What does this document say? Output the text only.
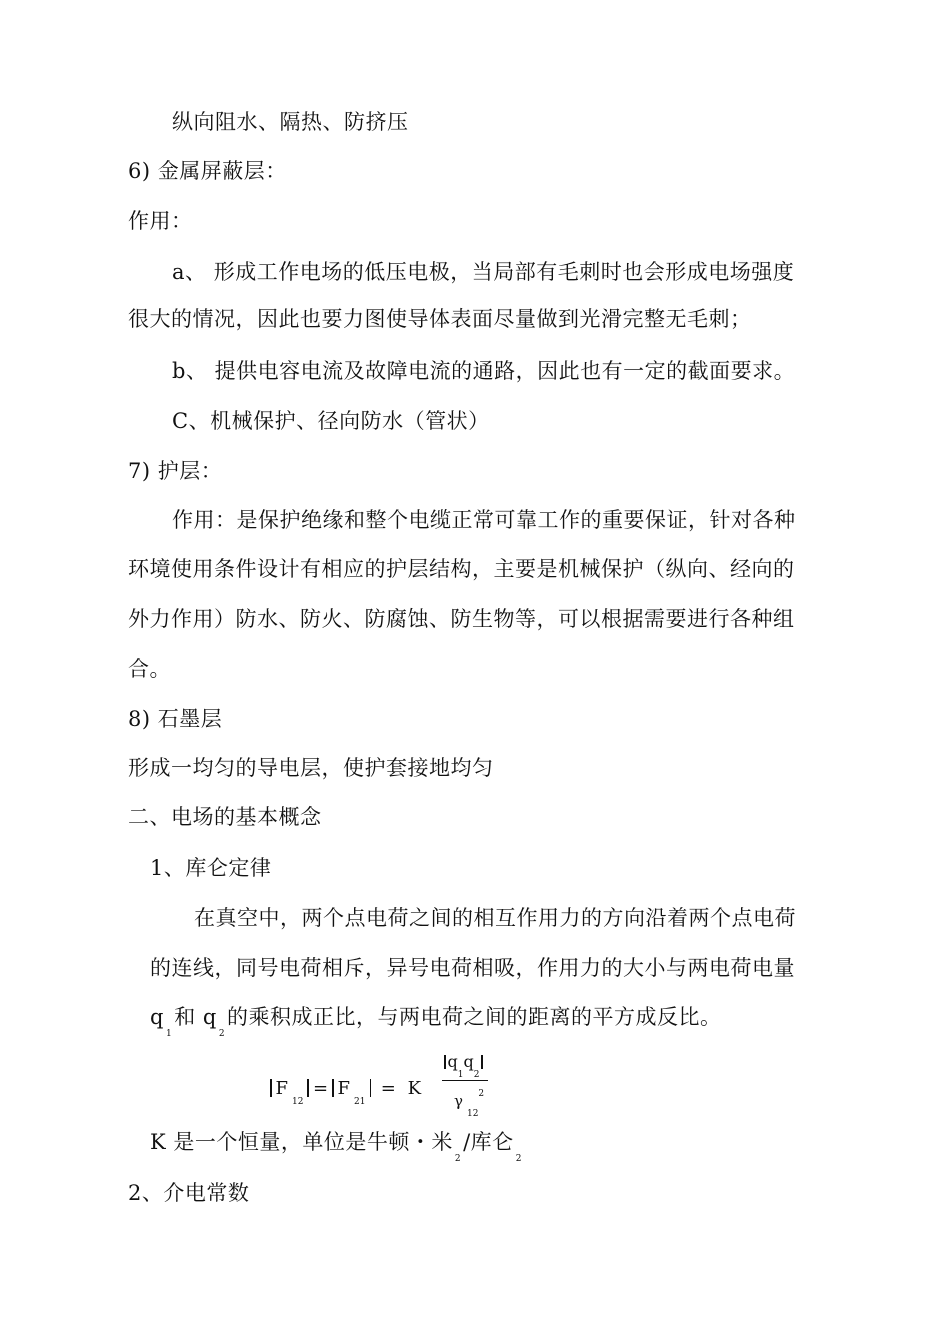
纵向阻水、隔热、防挤压
6) 金属屏蔽层：
作用：
a、 形成工作电场的低压电极，当局部有毛刺时也会形成电场强度
很大的情况，因此也要力图使导体表面尽量做到光滑完整无毛刺；
b、 提供电容电流及故障电流的通路，因此也有一定的截面要求。
C、机械保护、径向防水（管状）
7) 护层：
作用：是保护绝缘和整个电缆正常可靠工作的重要保证，针对各种
环境使用条件设计有相应的护层结构，主要是机械保护（纵向、经向的
外力作用）防水、防火、防腐蚀、防生物等，可以根据需要进行各种组
合。
8) 石墨层
形成一均匀的导电层，使护套接地均匀
二、电场的基本概念
1、库仑定律
在真空中，两个点电荷之间的相互作用力的方向沿着两个点电荷
的连线，同号电荷相斥，异号电荷相吸，作用力的大小与两电荷电量
$q_1$和 $q_2$的乘积成正比，与两电荷之间的距离的平方成反比。
$F_{12}= F_{21} = K$
$q_1q_2$
$\gamma_{12}^2$
K 是一个恒量，单位是牛顿・米$_2$/库仑$_2$
2、介电常数
